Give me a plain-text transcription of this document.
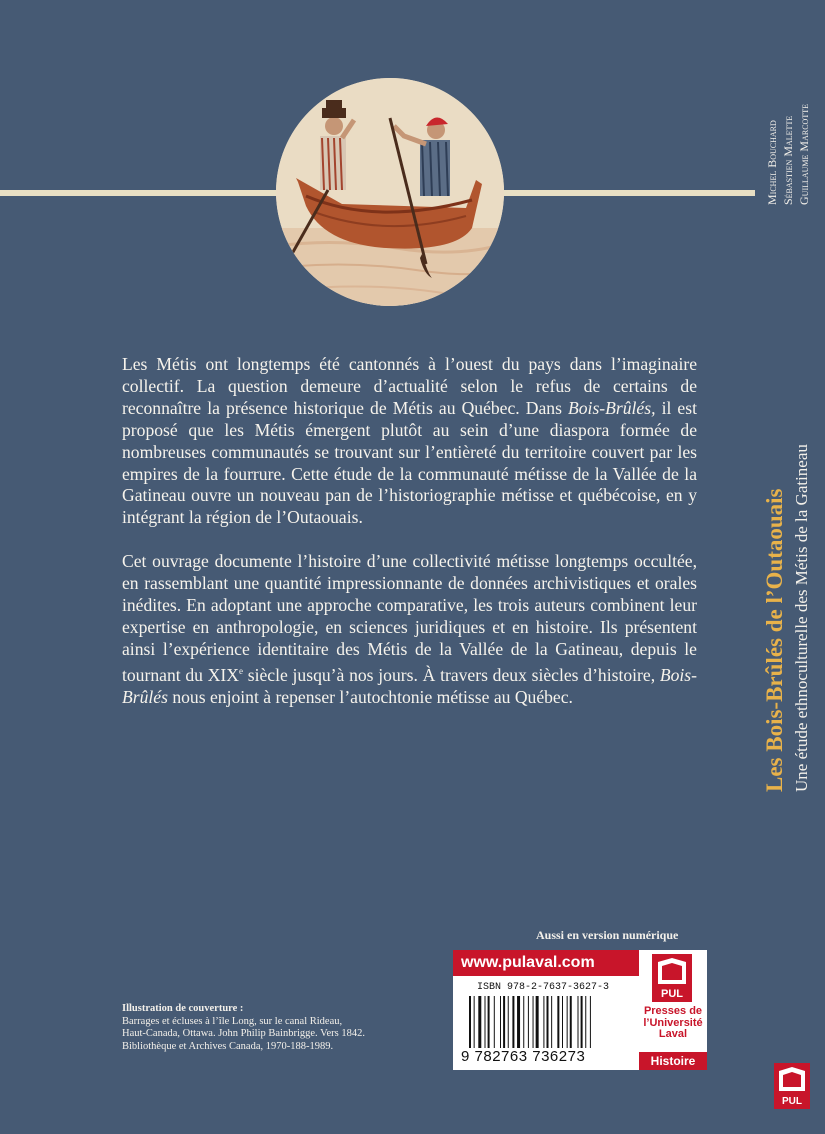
Michel Bouchard Sébastien Malette Guillaume Marcotte
Les Bois-Brûlés de l’Outaouais Une étude ethnoculturelle des Métis de la Gatineau

Les Métis ont longtemps été cantonnés à l’ouest du pays dans l’imaginaire collectif. La question demeure d’actualité selon le refus de certains de reconnaître la présence historique de Métis au Québec. Dans Bois-Brûlés, il est proposé que les Métis émergent plutôt au sein d’une diaspora formée de nombreuses communautés se trouvant sur l’entièreté du territoire couvert par les empires de la fourrure. Cette étude de la communauté métisse de la Vallée de la Gatineau ouvre un nouveau pan de l’historiographie métisse et québécoise, en y intégrant la région de l’Outaouais.

Cet ouvrage documente l’histoire d’une collectivité métisse longtemps occultée, en rassemblant une quantité impressionnante de données archivistiques et orales inédites. En adoptant une approche comparative, les trois auteurs combinent leur expertise en anthropologie, en sciences juridiques et en histoire. Ils présentent ainsi l’expérience identitaire des Métis de la Vallée de la Gatineau, depuis le tournant du XIXe siècle jusqu’à nos jours. À travers deux siècles d’histoire, Bois-Brûlés nous enjoint à repenser l’autochtonie métisse au Québec.

Aussi en version numérique
Illustration de couverture :
Barrages et écluses à l’île Long, sur le canal Rideau,
Haut-Canada, Ottawa. John Philip Bainbrigge. Vers 1842.
Bibliothèque et Archives Canada, 1970-188-1989.
www.pulaval.com
ISBN 978-2-7637-3627-3
9 782763 736273
PUL
Presses de
l’Université
Laval
Histoire
PUL
